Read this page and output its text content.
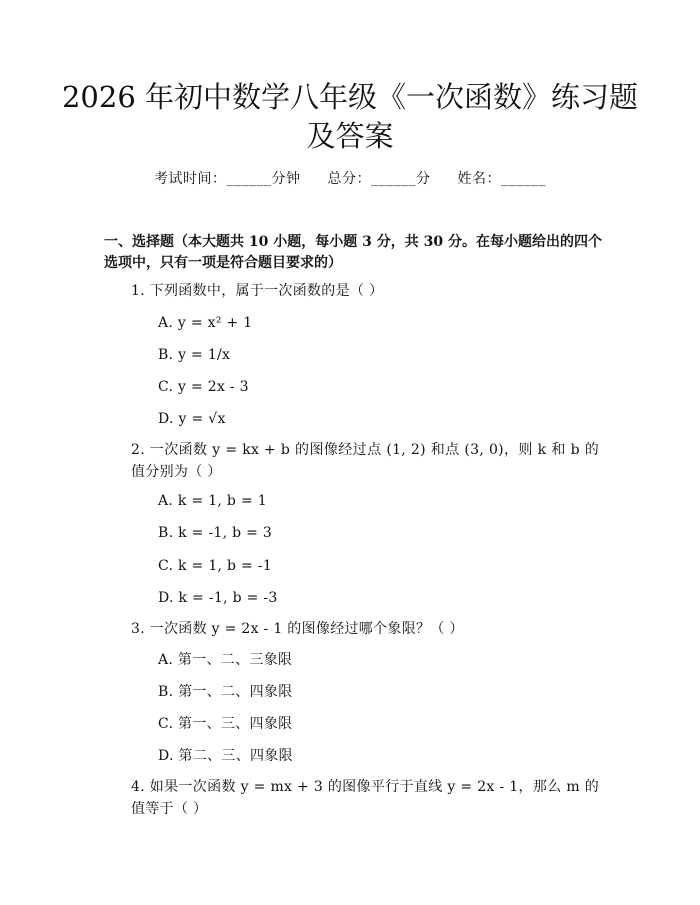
2026 年初中数学八年级《一次函数》练习题
及答案
考试时间：______分钟 总分：______分 姓名：______
一、选择题（本大题共 10 小题，每小题 3 分，共 30 分。在每小题给出的四个选项中，只有一项是符合题目要求的）
1. 下列函数中，属于一次函数的是（ ）
A. y = x² + 1
B. y = 1/x
C. y = 2x - 3
D. y = √x
2. 一次函数 y = kx + b 的图像经过点 (1, 2) 和点 (3, 0)，则 k 和 b 的值分别为（ ）
A. k = 1, b = 1
B. k = -1, b = 3
C. k = 1, b = -1
D. k = -1, b = -3
3. 一次函数 y = 2x - 1 的图像经过哪个象限？（ ）
A. 第一、二、三象限
B. 第一、二、四象限
C. 第一、三、四象限
D. 第二、三、四象限
4. 如果一次函数 y = mx + 3 的图像平行于直线 y = 2x - 1，那么 m 的值等于（ ）
